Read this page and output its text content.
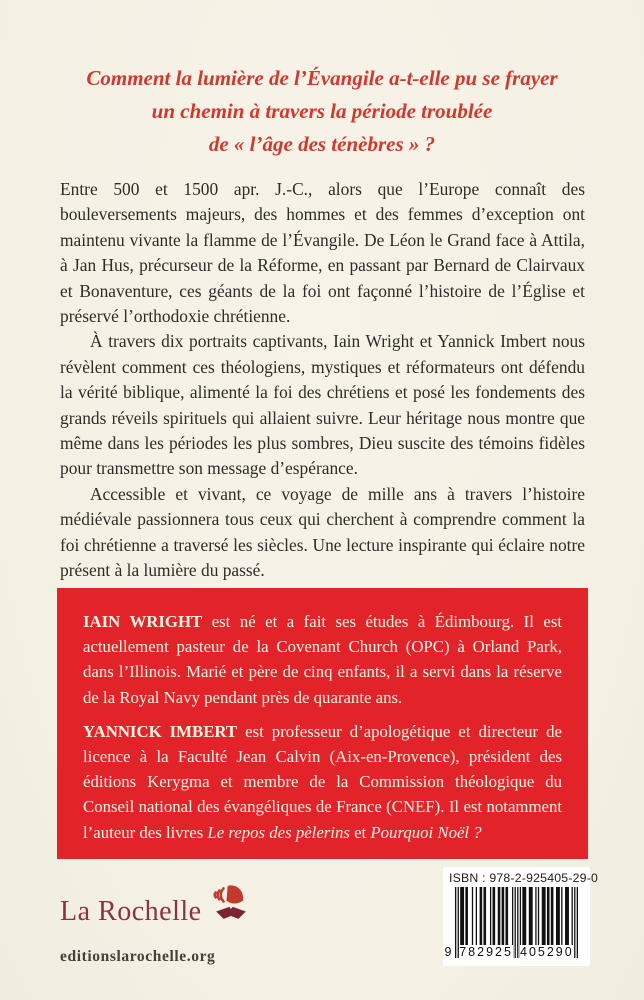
Comment la lumière de l’Évangile a-t-elle pu se frayer
un chemin à travers la période troublée
de « l’âge des ténèbres » ?

Entre 500 et 1500 apr. J.-C., alors que l’Europe connaît des bouleversements majeurs, des hommes et des femmes d’exception ont maintenu vivante la flamme de l’Évangile. De Léon le Grand face à Attila, à Jan Hus, précurseur de la Réforme, en passant par Bernard de Clairvaux et Bonaventure, ces géants de la foi ont façonné l’histoire de l’Église et préservé l’orthodoxie chrétienne.

À travers dix portraits captivants, Iain Wright et Yannick Imbert nous révèlent comment ces théologiens, mystiques et réformateurs ont défendu la vérité biblique, alimenté la foi des chrétiens et posé les fondements des grands réveils spirituels qui allaient suivre. Leur héritage nous montre que même dans les périodes les plus sombres, Dieu suscite des témoins fidèles pour transmettre son message d’espérance.

Accessible et vivant, ce voyage de mille ans à travers l’histoire médiévale passionnera tous ceux qui cherchent à comprendre comment la foi chrétienne a traversé les siècles. Une lecture inspirante qui éclaire notre présent à la lumière du passé.

IAIN WRIGHT est né et a fait ses études à Édimbourg. Il est actuellement pasteur de la Covenant Church (OPC) à Orland Park, dans l’Illinois. Marié et père de cinq enfants, il a servi dans la réserve de la Royal Navy pendant près de quarante ans.

YANNICK IMBERT est professeur d’apologétique et directeur de licence à la Faculté Jean Calvin (Aix-en-Provence), président des éditions Kerygma et membre de la Commission théologique du Conseil national des évangéliques de France (CNEF). Il est notamment l’auteur des livres Le repos des pèlerins et Pourquoi Noël ?

La Rochelle
editionslarochelle.org
ISBN : 978-2-925405-29-0
9 782925 405290
